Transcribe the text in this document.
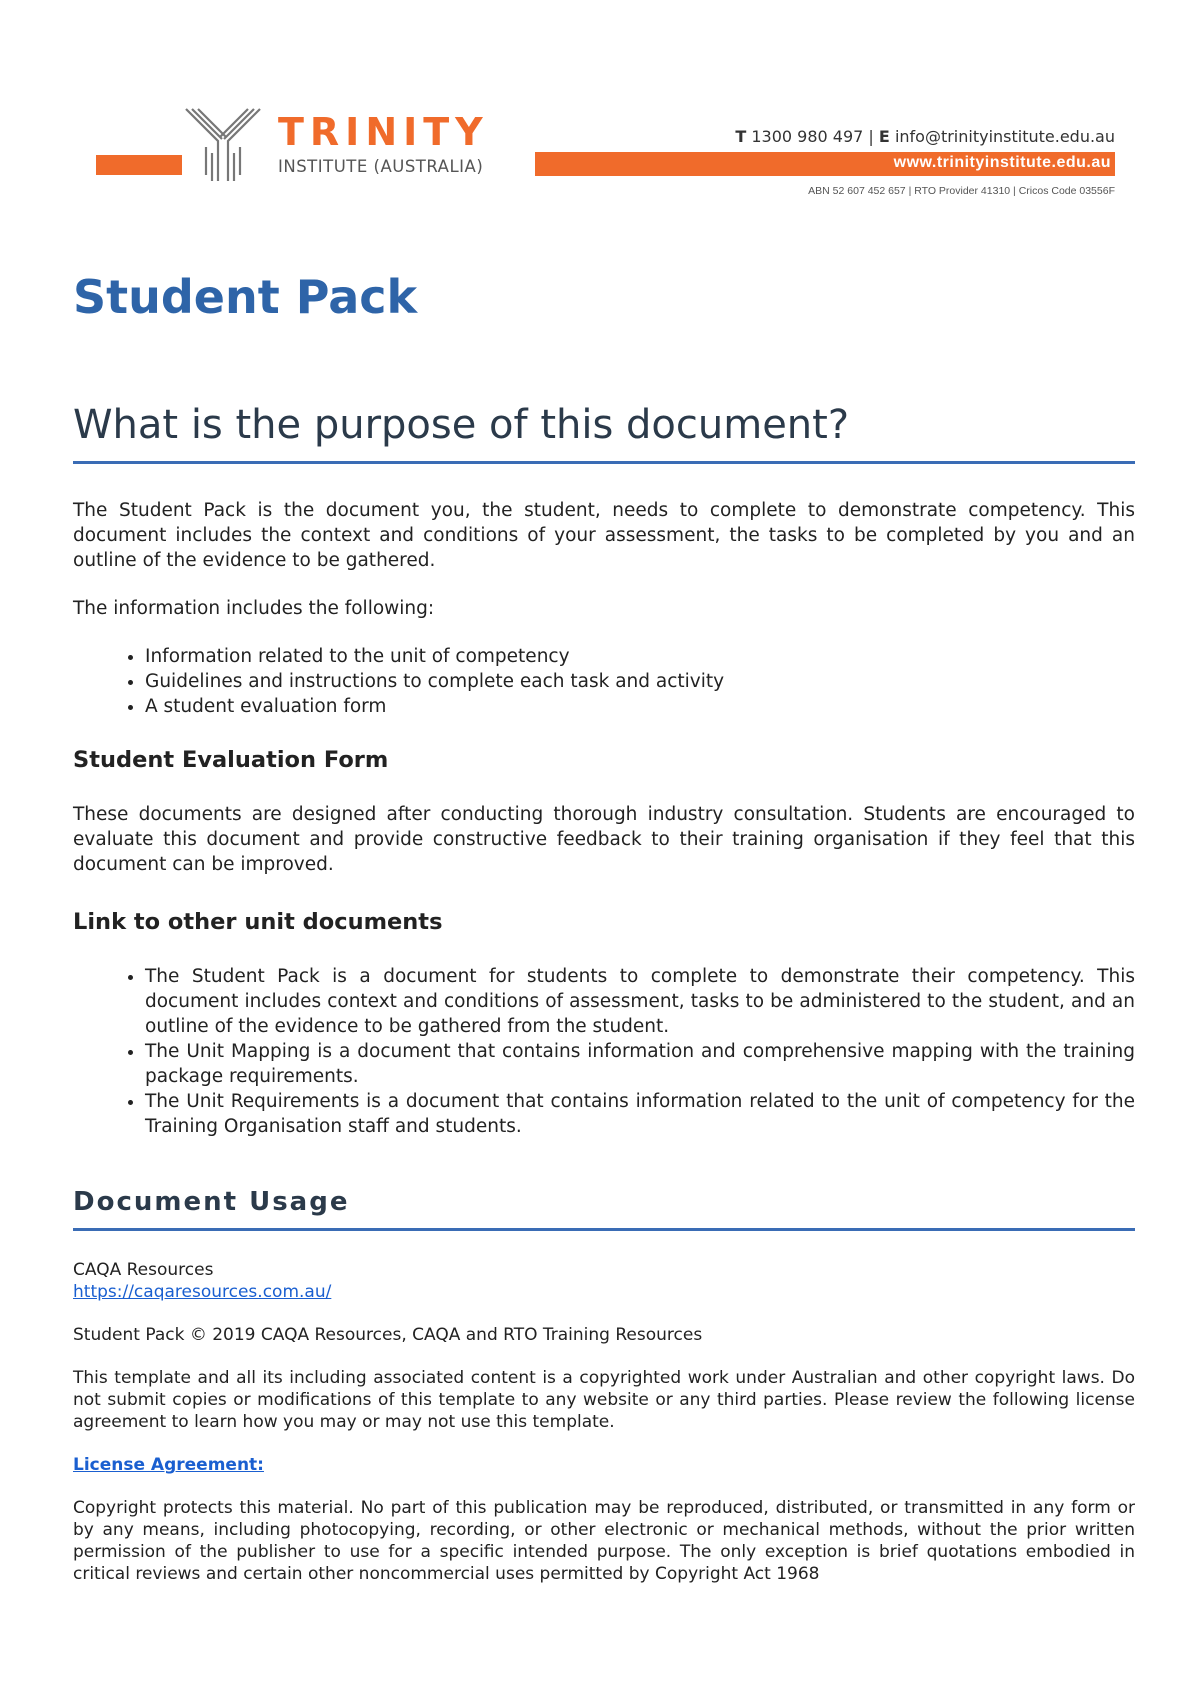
TRINITY
INSTITUTE (AUSTRALIA)
T 1300 980 497 | E info@trinityinstitute.edu.au
www.trinityinstitute.edu.au
ABN 52 607 452 657 | RTO Provider 41310 | Cricos Code 03556F
Student Pack
What is the purpose of this document?

The Student Pack is the document you, the student, needs to complete to demonstrate competency. This document includes the context and conditions of your assessment, the tasks to be completed by you and an outline of the evidence to be gathered.

The information includes the following:

• Information related to the unit of competency
• Guidelines and instructions to complete each task and activity
• A student evaluation form
Student Evaluation Form

These documents are designed after conducting thorough industry consultation. Students are encouraged to evaluate this document and provide constructive feedback to their training organisation if they feel that this document can be improved.

Link to other unit documents
• The Student Pack is a document for students to complete to demonstrate their competency. This document includes context and conditions of assessment, tasks to be administered to the student, and an outline of the evidence to be gathered from the student.
• The Unit Mapping is a document that contains information and comprehensive mapping with the training package requirements.
• The Unit Requirements is a document that contains information related to the unit of competency for the Training Organisation staff and students.
Document Usage
CAQA Resources
https://caqaresources.com.au/

Student Pack © 2019 CAQA Resources, CAQA and RTO Training Resources

This template and all its including associated content is a copyrighted work under Australian and other copyright laws. Do not submit copies or modifications of this template to any website or any third parties. Please review the following license agreement to learn how you may or may not use this template.

License Agreement:

Copyright protects this material. No part of this publication may be reproduced, distributed, or transmitted in any form or by any means, including photocopying, recording, or other electronic or mechanical methods, without the prior written permission of the publisher to use for a specific intended purpose. The only exception is brief quotations embodied in critical reviews and certain other noncommercial uses permitted by Copyright Act 1968
